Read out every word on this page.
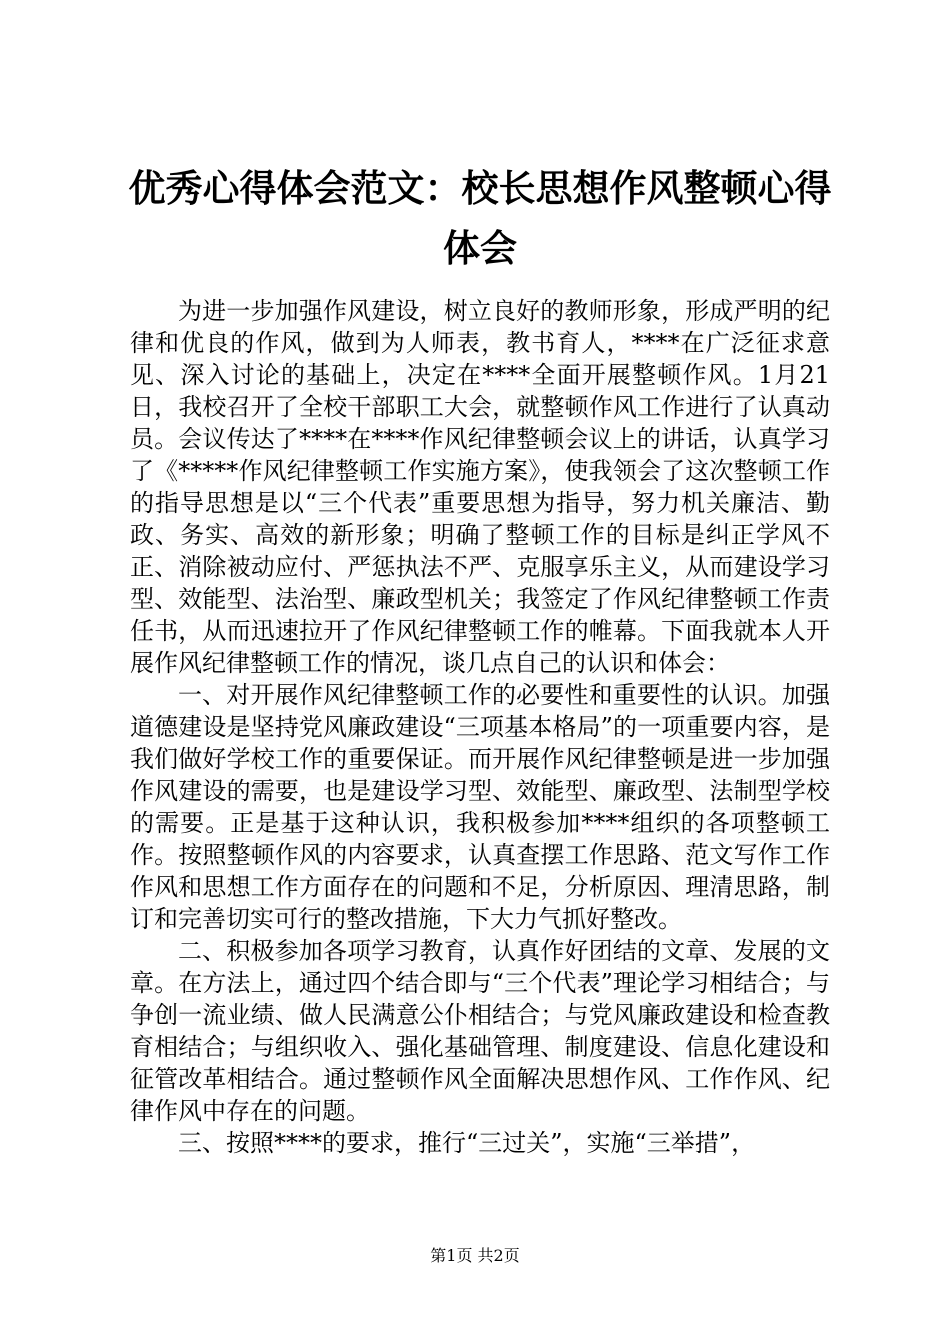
优秀心得体会范文：校长思想作风整顿心得体会

为进一步加强作风建设，树立良好的教师形象，形成严明的纪律和优良的作风，做到为人师表，教书育人，****在广泛征求意见、深入讨论的基础上，决定在****全面开展整顿作风。1月21日，我校召开了全校干部职工大会，就整顿作风工作进行了认真动员。会议传达了****在****作风纪律整顿会议上的讲话，认真学习了《*****作风纪律整顿工作实施方案》，使我领会了这次整顿工作的指导思想是以“三个代表”重要思想为指导，努力机关廉洁、勤政、务实、高效的新形象；明确了整顿工作的目标是纠正学风不正、消除被动应付、严惩执法不严、克服享乐主义，从而建设学习型、效能型、法治型、廉政型机关；我签定了作风纪律整顿工作责任书，从而迅速拉开了作风纪律整顿工作的帷幕。下面我就本人开展作风纪律整顿工作的情况，谈几点自己的认识和体会：

一、对开展作风纪律整顿工作的必要性和重要性的认识。加强道德建设是坚持党风廉政建设“三项基本格局”的一项重要内容，是我们做好学校工作的重要保证。而开展作风纪律整顿是进一步加强作风建设的需要，也是建设学习型、效能型、廉政型、法制型学校的需要。正是基于这种认识，我积极参加****组织的各项整顿工作。按照整顿作风的内容要求，认真查摆工作思路、范文写作工作作风和思想工作方面存在的问题和不足，分析原因、理清思路，制订和完善切实可行的整改措施，下大力气抓好整改。

二、积极参加各项学习教育，认真作好团结的文章、发展的文章。在方法上，通过四个结合即与“三个代表”理论学习相结合；与争创一流业绩、做人民满意公仆相结合；与党风廉政建设和检查教育相结合；与组织收入、强化基础管理、制度建设、信息化建设和征管改革相结合。通过整顿作风全面解决思想作风、工作作风、纪律作风中存在的问题。

三、按照****的要求，推行“三过关”，实施“三举措”，

第1页 共2页
